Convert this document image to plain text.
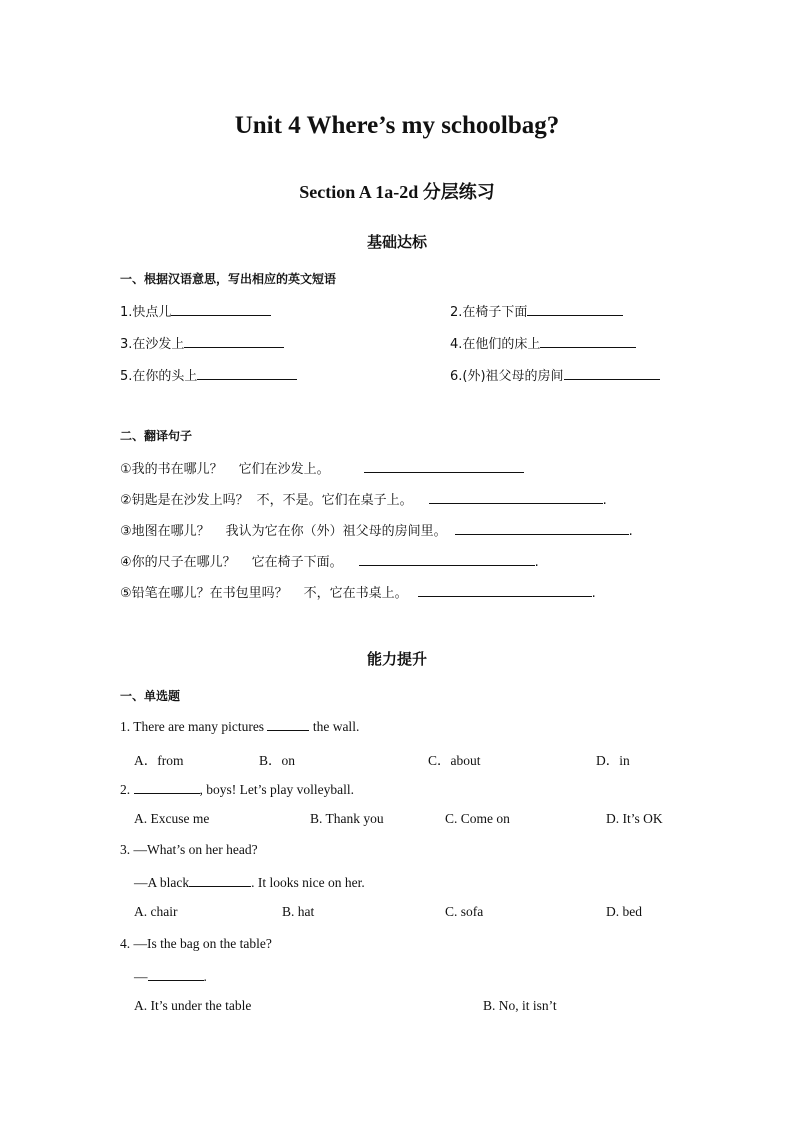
Unit 4 Where’s my schoolbag?
Section A 1a-2d 分层练习
基础达标
一、根据汉语意思，写出相应的英文短语
1.快点儿	2.在椅子下面
3.在沙发上	4.在他们的床上
5.在你的头上	6.(外)祖父母的房间
二、翻译句子
①我的书在哪儿？ 它们在沙发上。
②钥匙是在沙发上吗？ 不，不是。它们在桌子上。	.
③地图在哪儿？ 我认为它在你（外）祖父母的房间里。	.
④你的尺子在哪儿？ 它在椅子下面。	.
⑤铅笔在哪儿？在书包里吗？ 不，它在书桌上。	.
能力提升
一、单选题
1. There are many pictures	the wall.
A．from	B．on	C．about	D．in
2.	, boys! Let’s play volleyball.
A. Excuse me	B. Thank you	C. Come on	D. It’s OK
3. —What’s on her head?
—A black	. It looks nice on her.
A. chair	B. hat	C. sofa	D. bed
4. —Is the bag on the table?
—	.
A. It’s under the table	B. No, it isn’t
